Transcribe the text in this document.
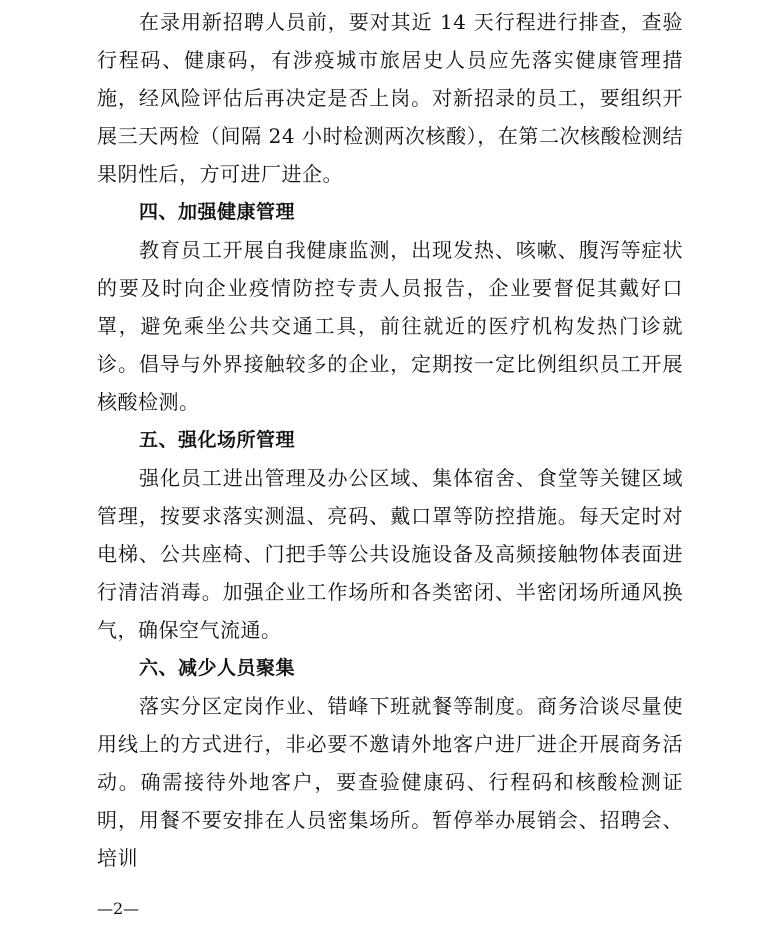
在录用新招聘人员前，要对其近 14 天行程进行排查，查验行程码、健康码，有涉疫城市旅居史人员应先落实健康管理措施，经风险评估后再决定是否上岗。对新招录的员工，要组织开展三天两检（间隔 24 小时检测两次核酸），在第二次核酸检测结果阴性后，方可进厂进企。

四、加强健康管理

教育员工开展自我健康监测，出现发热、咳嗽、腹泻等症状的要及时向企业疫情防控专责人员报告，企业要督促其戴好口罩，避免乘坐公共交通工具，前往就近的医疗机构发热门诊就诊。倡导与外界接触较多的企业，定期按一定比例组织员工开展核酸检测。

五、强化场所管理

强化员工进出管理及办公区域、集体宿舍、食堂等关键区域管理，按要求落实测温、亮码、戴口罩等防控措施。每天定时对电梯、公共座椅、门把手等公共设施设备及高频接触物体表面进行清洁消毒。加强企业工作场所和各类密闭、半密闭场所通风换气，确保空气流通。

六、减少人员聚集

落实分区定岗作业、错峰下班就餐等制度。商务洽谈尽量使用线上的方式进行，非必要不邀请外地客户进厂进企开展商务活动。确需接待外地客户，要查验健康码、行程码和核酸检测证明，用餐不要安排在人员密集场所。暂停举办展销会、招聘会、培训

—2—
